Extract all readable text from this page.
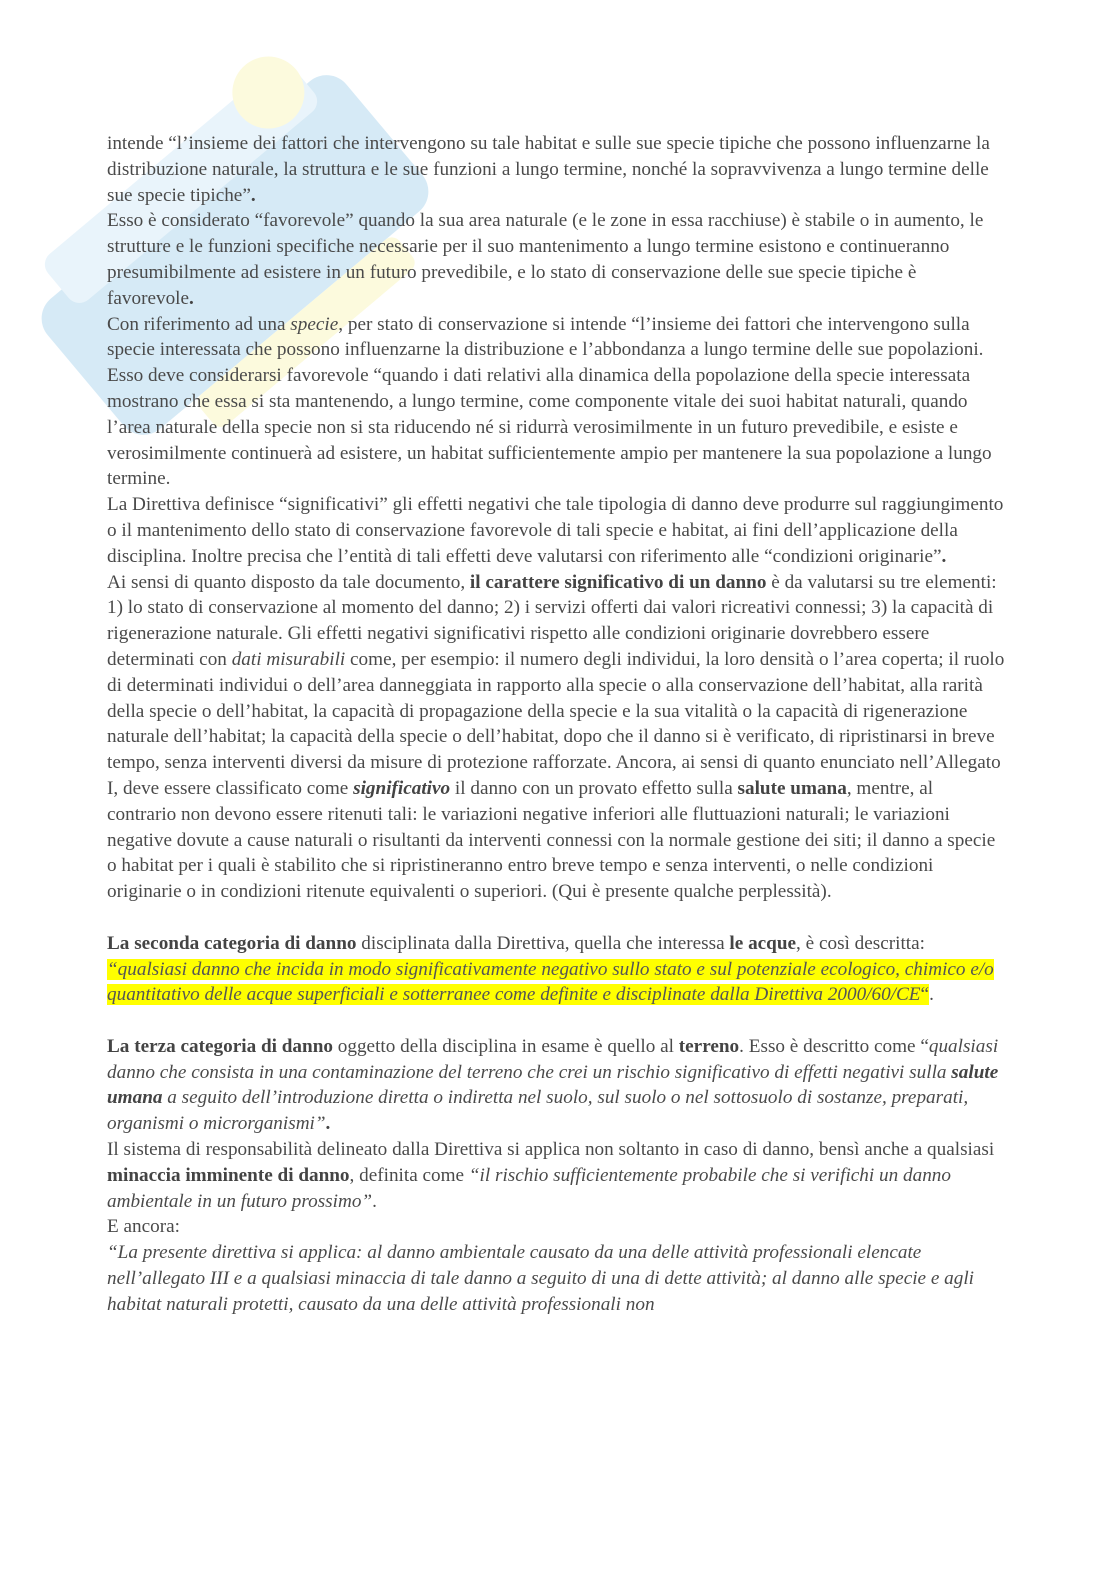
intende “l’insieme dei fattori che intervengono su tale habitat e sulle sue specie tipiche che possono influenzarne la distribuzione naturale, la struttura e le sue funzioni a lungo termine, nonché la sopravvivenza a lungo termine delle sue specie tipiche”.

Esso è considerato “favorevole” quando la sua area naturale (e le zone in essa racchiuse) è stabile o in aumento, le strutture e le funzioni specifiche necessarie per il suo mantenimento a lungo termine esistono e continueranno presumibilmente ad esistere in un futuro prevedibile, e lo stato di conservazione delle sue specie tipiche è favorevole.

Con riferimento ad una specie, per stato di conservazione si intende “l’insieme dei fattori che intervengono sulla specie interessata che possono influenzarne la distribuzione e l’abbondanza a lungo termine delle sue popolazioni. Esso deve considerarsi favorevole “quando i dati relativi alla dinamica della popolazione della specie interessata mostrano che essa si sta mantenendo, a lungo termine, come componente vitale dei suoi habitat naturali, quando l’area naturale della specie non si sta riducendo né si ridurrà verosimilmente in un futuro prevedibile, e esiste e verosimilmente continuerà ad esistere, un habitat sufficientemente ampio per mantenere la sua popolazione a lungo termine.

La Direttiva definisce “significativi” gli effetti negativi che tale tipologia di danno deve produrre sul raggiungimento o il mantenimento dello stato di conservazione favorevole di tali specie e habitat, ai fini dell’applicazione della disciplina. Inoltre precisa che l’entità di tali effetti deve valutarsi con riferimento alle “condizioni originarie”.

Ai sensi di quanto disposto da tale documento, il carattere significativo di un danno è da valutarsi su tre elementi: 1) lo stato di conservazione al momento del danno; 2) i servizi offerti dai valori ricreativi connessi; 3) la capacità di rigenerazione naturale. Gli effetti negativi significativi rispetto alle condizioni originarie dovrebbero essere determinati con dati misurabili come, per esempio: il numero degli individui, la loro densità o l’area coperta; il ruolo di determinati individui o dell’area danneggiata in rapporto alla specie o alla conservazione dell’habitat, alla rarità della specie o dell’habitat, la capacità di propagazione della specie e la sua vitalità o la capacità di rigenerazione naturale dell’habitat; la capacità della specie o dell’habitat, dopo che il danno si è verificato, di ripristinarsi in breve tempo, senza interventi diversi da misure di protezione rafforzate. Ancora, ai sensi di quanto enunciato nell’Allegato I, deve essere classificato come significativo il danno con un provato effetto sulla salute umana, mentre, al contrario non devono essere ritenuti tali: le variazioni negative inferiori alle fluttuazioni naturali; le variazioni negative dovute a cause naturali o risultanti da interventi connessi con la normale gestione dei siti; il danno a specie o habitat per i quali è stabilito che si ripristineranno entro breve tempo e senza interventi, o nelle condizioni originarie o in condizioni ritenute equivalenti o superiori. (Qui è presente qualche perplessità).

La seconda categoria di danno disciplinata dalla Direttiva, quella che interessa le acque, è così descritta: “qualsiasi danno che incida in modo significativamente negativo sullo stato e sul potenziale ecologico, chimico e/o quantitativo delle acque superficiali e sotterranee come definite e disciplinate dalla Direttiva 2000/60/CE“.

La terza categoria di danno oggetto della disciplina in esame è quello al terreno. Esso è descritto come “qualsiasi danno che consista in una contaminazione del terreno che crei un rischio significativo di effetti negativi sulla salute umana a seguito dell’introduzione diretta o indiretta nel suolo, sul suolo o nel sottosuolo di sostanze, preparati, organismi o microrganismi”.

Il sistema di responsabilità delineato dalla Direttiva si applica non soltanto in caso di danno, bensì anche a qualsiasi minaccia imminente di danno, definita come “il rischio sufficientemente probabile che si verifichi un danno ambientale in un futuro prossimo”.

E ancora:

“La presente direttiva si applica: al danno ambientale causato da una delle attività professionali elencate nell’allegato III e a qualsiasi minaccia di tale danno a seguito di una di dette attività; al danno alle specie e agli habitat naturali protetti, causato da una delle attività professionali non
